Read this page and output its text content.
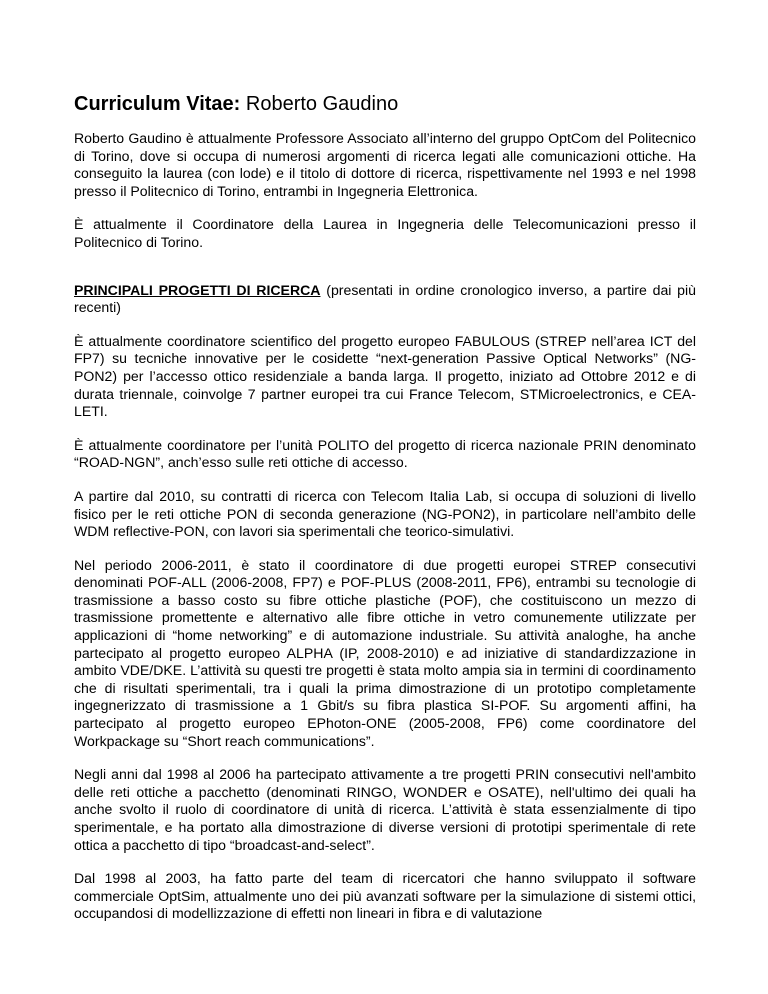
Curriculum Vitae: Roberto Gaudino

Roberto Gaudino è attualmente Professore Associato all’interno del gruppo OptCom del Politecnico di Torino, dove si occupa di numerosi argomenti di ricerca legati alle comunicazioni ottiche. Ha conseguito la laurea (con lode) e il titolo di dottore di ricerca, rispettivamente nel 1993 e nel 1998 presso il Politecnico di Torino, entrambi in Ingegneria Elettronica.

È attualmente il Coordinatore della Laurea in Ingegneria delle Telecomunicazioni presso il Politecnico di Torino.

PRINCIPALI PROGETTI DI RICERCA (presentati in ordine cronologico inverso, a partire dai più recenti)

È attualmente coordinatore scientifico del progetto europeo FABULOUS (STREP nell’area ICT del FP7) su tecniche innovative per le cosidette “next-generation Passive Optical Networks” (NG-PON2) per l’accesso ottico residenziale a banda larga. Il progetto, iniziato ad Ottobre 2012 e di durata triennale, coinvolge 7 partner europei tra cui France Telecom, STMicroelectronics, e CEA-LETI.

È attualmente coordinatore per l’unità POLITO del progetto di ricerca nazionale PRIN denominato “ROAD-NGN”, anch’esso sulle reti ottiche di accesso.

A partire dal 2010, su contratti di ricerca con Telecom Italia Lab, si occupa di soluzioni di livello fisico per le reti ottiche PON di seconda generazione (NG-PON2), in particolare nell’ambito delle WDM reflective-PON, con lavori sia sperimentali che teorico-simulativi.

Nel periodo 2006-2011, è stato il coordinatore di due progetti europei STREP consecutivi denominati POF-ALL (2006-2008, FP7) e POF-PLUS (2008-2011, FP6), entrambi su tecnologie di trasmissione a basso costo su fibre ottiche plastiche (POF), che costituiscono un mezzo di trasmissione promettente e alternativo alle fibre ottiche in vetro comunemente utilizzate per applicazioni di “home networking” e di automazione industriale. Su attività analoghe, ha anche partecipato al progetto europeo ALPHA (IP, 2008-2010) e ad iniziative di standardizzazione in ambito VDE/DKE. L’attività su questi tre progetti è stata molto ampia sia in termini di coordinamento che di risultati sperimentali, tra i quali la prima dimostrazione di un prototipo completamente ingegnerizzato di trasmissione a 1 Gbit/s su fibra plastica SI-POF. Su argomenti affini, ha partecipato al progetto europeo EPhoton-ONE (2005-2008, FP6) come coordinatore del Workpackage su “Short reach communications”.

Negli anni dal 1998 al 2006 ha partecipato attivamente a tre progetti PRIN consecutivi nell'ambito delle reti ottiche a pacchetto (denominati RINGO, WONDER e OSATE), nell'ultimo dei quali ha anche svolto il ruolo di coordinatore di unità di ricerca. L’attività è stata essenzialmente di tipo sperimentale, e ha portato alla dimostrazione di diverse versioni di prototipi sperimentale di rete ottica a pacchetto di tipo “broadcast-and-select”.

Dal 1998 al 2003, ha fatto parte del team di ricercatori che hanno sviluppato il software commerciale OptSim, attualmente uno dei più avanzati software per la simulazione di sistemi ottici, occupandosi di modellizzazione di effetti non lineari in fibra e di valutazione
